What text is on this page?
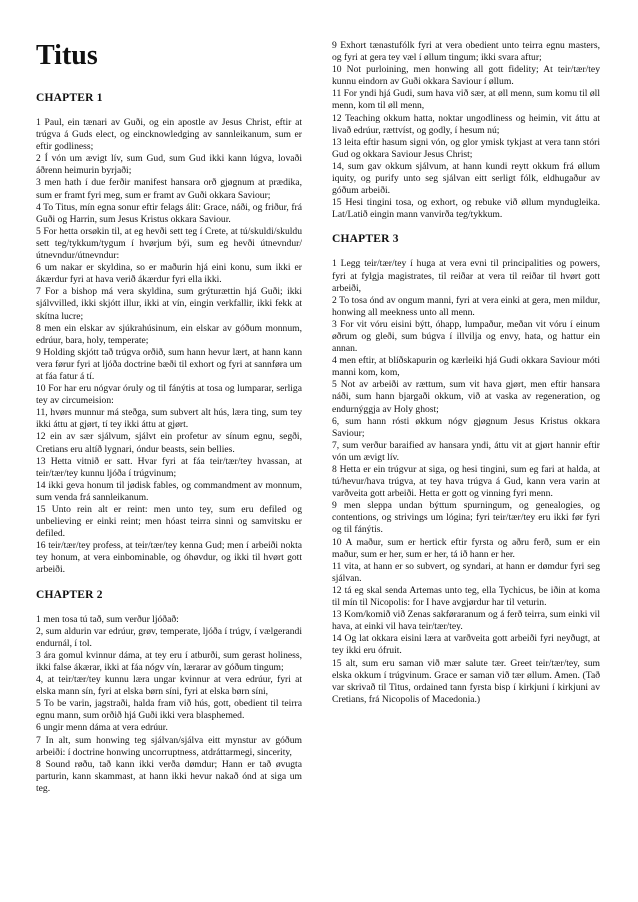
Titus
CHAPTER 1

1 Paul, ein tænari av Guði, og ein apostle av Jesus Christ, eftir at trúgva á Guds elect, og eincknowledging av sannleikanum, sum er eftir godliness;

2 Í vón um ævigt lív, sum Gud, sum Gud ikki kann lúgva, lovaði áðrenn heimurin byrjaði;

3 men hath í due ferðir manifest hansara orð gjøgnum at prædika, sum er framt fyri meg, sum er framt av Guði okkara Saviour;

4 To Titus, mín egna sonur eftir felags álit: Grace, náði, og friður, frá Guði og Harrin, sum Jesus Kristus okkara Saviour.

5 For hetta orsøkin til, at eg hevði sett teg í Crete, at tú/skuldi/skuldu sett teg/tykkum/tygum í hvørjum býi, sum eg hevði útnevndur/útnevndur/útnevndur:

6 um nakar er skyldina, so er maðurin hjá eini konu, sum ikki er ákærdur fyri at hava verið ákærdur fyri ella ikki.

7 For a bishop má vera skyldina, sum grýturættin hjá Guði; ikki sjálvvilled, ikki skjótt illur, ikki at vín, eingin verkfallir, ikki fekk at skítna lucre;

8 men ein elskar av sjúkrahúsinum, ein elskar av góðum monnum, edrúur, bara, holy, temperate;

9 Holding skjótt tað trúgva orðið, sum hann hevur lært, at hann kann vera førur fyri at ljóða doctrine bæði til exhort og fyri at sannføra um at fáa fatur á tí.

10 For har eru nógvar óruly og til fánýtis at tosa og lumparar, serliga tey av circumeision:

11, hvørs munnur má steðga, sum subvert alt hús, læra ting, sum tey ikki áttu at gjørt, tí tey ikki áttu at gjørt.

12 ein av sær sjálvum, sjálvt ein profetur av sínum egnu, segði, Cretians eru altíð lygnari, óndur beasts, sein bellies.

13 Hetta vitnið er satt. Hvar fyri at fáa teir/tær/tey hvassan, at teir/tær/tey kunnu ljóða í trúgvinum;

14 ikki geva honum til jødisk fables, og commandment av monnum, sum venda frá sannleikanum.

15 Unto rein alt er reint: men unto tey, sum eru defiled og unbelieving er einki reint; men hóast teirra sinni og samvitsku er defiled.

16 teir/tær/tey profess, at teir/tær/tey kenna Gud; men í arbeiði nokta tey honum, at vera einbominable, og óhøvdur, og ikki til hvørt gott arbeiði.

CHAPTER 2

1 men tosa tú tað, sum verður ljóðað:

2, sum aldurin var edrúur, grøv, temperate, ljóða í trúgv, í vælgerandi endurnál, í tol.

3 ára gomul kvinnur dáma, at tey eru í atburði, sum gerast holiness, ikki false ákærar, ikki at fáa nógv vín, lærarar av góðum tingum;

4, at teir/tær/tey kunnu læra ungar kvinnur at vera edrúur, fyri at elska mann sín, fyri at elska børn síni, fyri at elska børn síni,

5 To be varin, jagstraði, halda fram við hús, gott, obedient til teirra egnu mann, sum orðið hjá Guði ikki vera blasphemed.

6 ungir menn dáma at vera edrúur.

7 In alt, sum honwing teg sjálvan/sjálva eitt mynstur av góðum arbeiði: í doctrine honwing uncorruptness, atdráttarmegi, sincerity,

8 Sound røðu, tað kann ikki verða dømdur; Hann er tað øvugta parturin, kann skammast, at hann ikki hevur nakað ónd at siga um teg.

9 Exhort tænastufólk fyri at vera obedient unto teirra egnu masters, og fyri at gera tey væl í øllum tingum; ikki svara aftur;

10 Not purloining, men honwing all gott fidelity; At teir/tær/tey kunnu eindorn av Guði okkara Saviour í øllum.

11 For yndi hjá Gudi, sum hava við sær, at øll menn, sum komu til øll menn, kom til øll menn,

12 Teaching okkum hatta, noktar ungodliness og heimin, vit áttu at livað edrúur, rættvíst, og godly, í hesum nú;

13 leita eftir hasum signi vón, og glor ymisk tykjast at vera tann stóri Gud og okkara Saviour Jesus Christ;

14, sum gav okkum sjálvum, at hann kundi reytt okkum frá øllum iquity, og purify unto seg sjálvan eitt serligt fólk, eldhugaður av góðum arbeiði.

15 Hesi tingini tosa, og exhort, og rebuke við øllum myndugleika. Lat/Latið eingin mann vanvirða teg/tykkum.

CHAPTER 3

1 Legg teir/tær/tey í huga at vera evni til principalities og powers, fyri at fylgja magistrates, til reiðar at vera til reiðar til hvørt gott arbeiði,

2 To tosa ónd av ongum manni, fyri at vera einki at gera, men mildur, honwing all meekness unto all menn.

3 For vit vóru eisini býtt, óhapp, lumpaður, meðan vit vóru í einum øðrum og gleði, sum búgva í illvilja og envy, hata, og hattur ein annan.

4 men eftir, at blíðskapurin og kærleiki hjá Gudi okkara Saviour móti manni kom, kom,

5 Not av arbeiði av rættum, sum vit hava gjørt, men eftir hansara náði, sum hann bjargaði okkum, við at vaska av regeneration, og endurnýggja av Holy ghost;

6, sum hann rósti økkum nógv gjøgnum Jesus Kristus okkara Saviour;

7, sum verður baraified av hansara yndi, áttu vit at gjørt hannir eftir vón um ævigt lív.

8 Hetta er ein trúgvur at siga, og hesi tingini, sum eg fari at halda, at tú/hevur/hava trúgva, at tey hava trúgva á Gud, kann vera varin at varðveita gott arbeiði. Hetta er gott og vinning fyri menn.

9 men sleppa undan býttum spurningum, og genealogies, og contentions, og strivings um lógina; fyri teir/tær/tey eru ikki før fyri og til fánýtis.

10 A maður, sum er hertick eftir fyrsta og aðru ferð, sum er ein maður, sum er her, sum er her, tá ið hann er her.

11 vita, at hann er so subvert, og syndari, at hann er dømdur fyri seg sjálvan.

12 tá eg skal senda Artemas unto teg, ella Tychicus, be iðin at koma til mín til Nicopolis: for I have avgjørdur har til veturin.

13 Kom/komið við Zenas sakføraranum og á ferð teirra, sum einki vil hava, at einki vil hava teir/tær/tey.

14 Og lat okkara eisini læra at varðveita gott arbeiði fyri neyðugt, at tey ikki eru ófruit.

15 alt, sum eru saman við mær salute tær. Greet teir/tær/tey, sum elska okkum í trúgvinum. Grace er saman við tær øllum. Amen. (Tað var skrivað til Titus, ordained tann fyrsta bisp í kirkjuni í kirkjuni av Cretians, frá Nicopolis of Macedonia.)
